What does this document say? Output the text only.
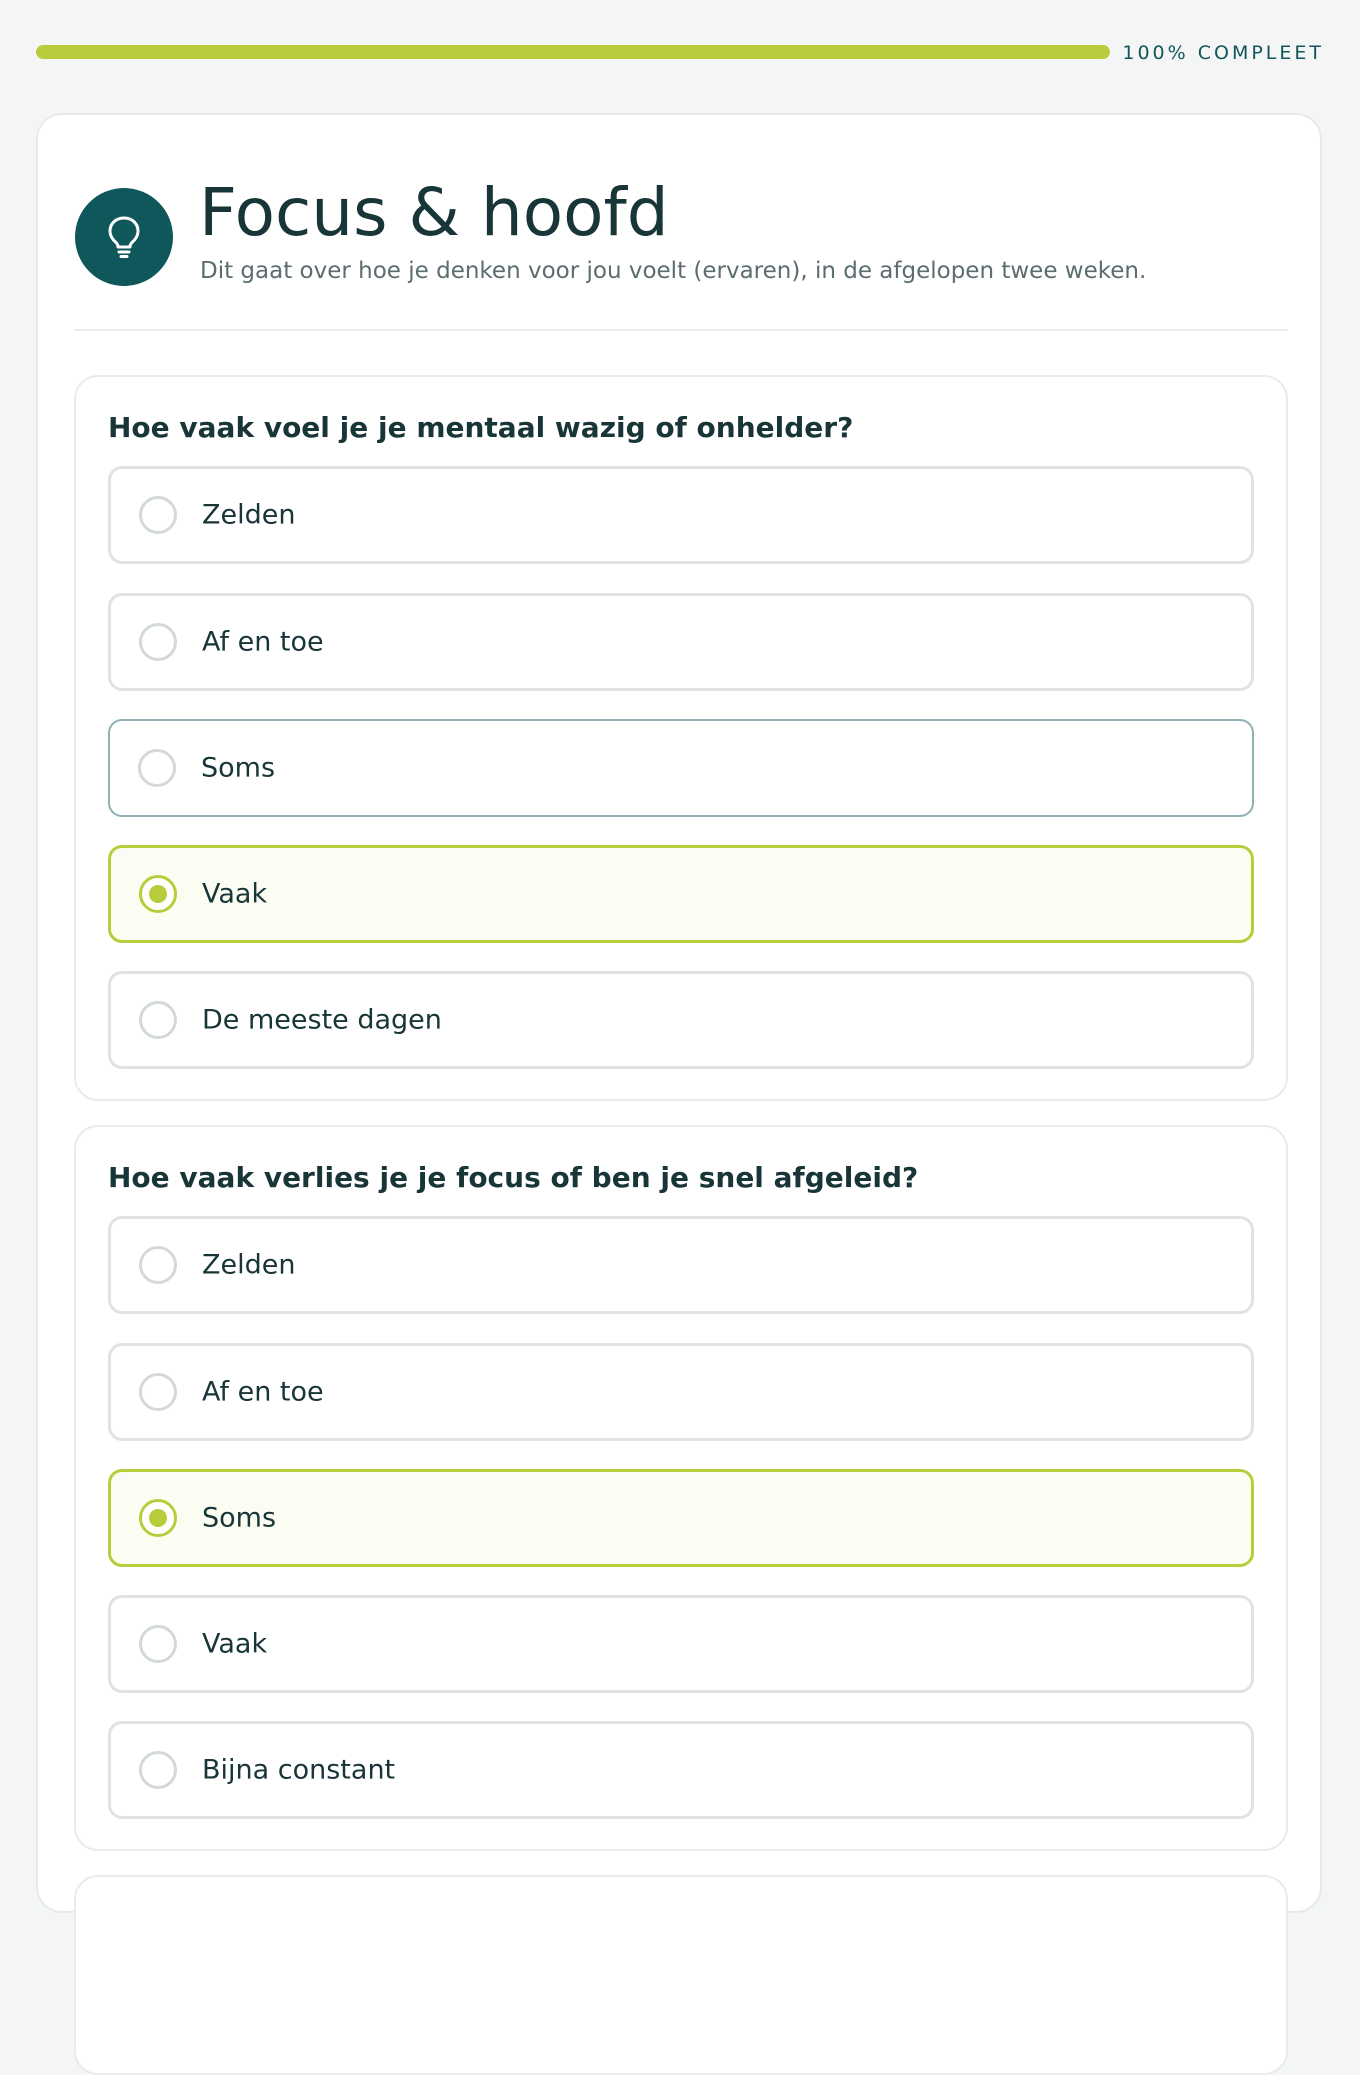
100% COMPLEET
Focus & hoofd

Dit gaat over hoe je denken voor jou voelt (ervaren), in de afgelopen twee weken.

Hoe vaak voel je je mentaal wazig of onhelder?
Zelden
Af en toe
Soms
Vaak
De meeste dagen
Hoe vaak verlies je je focus of ben je snel afgeleid?
Zelden
Af en toe
Soms
Vaak
Bijna constant
